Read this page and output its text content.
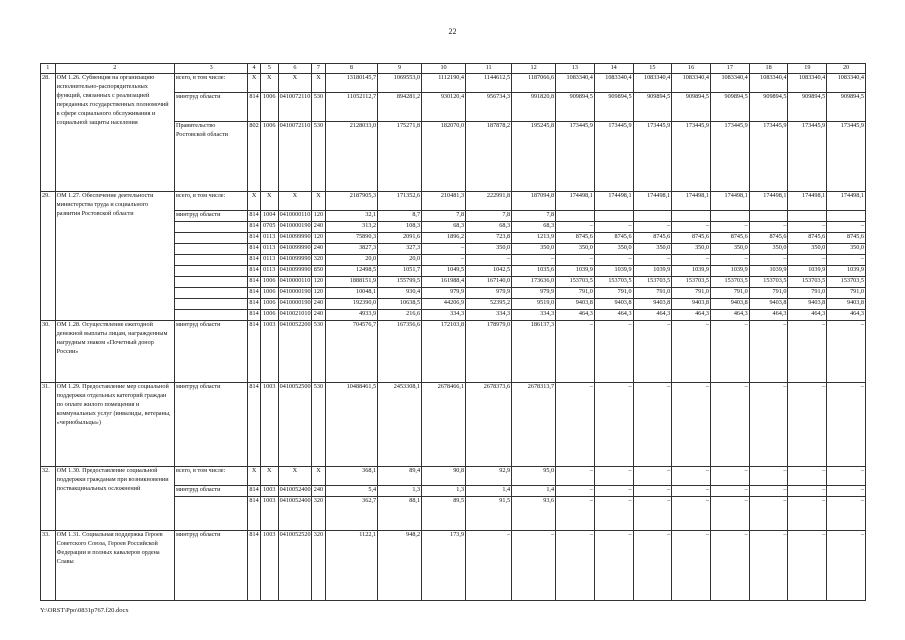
22
1	2	3	4	5	6	7	8	9	10	11	12	13	14	15	16	17	18	19	20
28.	ОМ 1.26. Субвенция на организацию исполнительно-распорядительных функций, связанных с реализацией переданных государственных полномочий в сфере социального обслуживания и социальной защиты населения	всего, в том числе:	X	X	X	X	13180145,7	1069553,0	1112190,4	1144612,5	1187066,6	1083340,4	1083340,4	1083340,4	1083340,4	1083340,4	1083340,4	1083340,4	1083340,4
		минтруд области	814	1006	0410072110	530	11052112,7	894281,2	930120,4	956734,3	991820,8	909894,5	909894,5	909894,5	909894,5	909894,5	909894,5	909894,5	909894,5
		Правительство Ростовской области	802	1006	0410072110	530	2128033,0	175271,8	182070,0	187878,2	195245,8	173445,9	173445,9	173445,9	173445,9	173445,9	173445,9	173445,9	173445,9
29.	ОМ 1.27. Обеспечение деятельности министерства труда и социального развития Ростовской области	всего, в том числе:	X	X	X	X	2187905,3	171352,6	210481,3	222991,8	187094,8	174498,1	174498,1	174498,1	174498,1	174498,1	174498,1	174498,1	174498,1
		минтруд области	814	1004	0410000110	120	32,1	8,7	7,8	7,8	7,8								
			814	0705	0410000190	240	313,2	108,3	68,3	68,3	68,3	–	–	–	–	–	–	–	–
			814	0113	0410099990	120	75890,3	2091,6	1896,2	723,8	1213,9	8745,6	8745,6	8745,6	8745,6	8745,6	8745,6	8745,6	8745,6
			814	0113	0410099990	240	3827,3	327,3	–	350,0	350,0	350,0	350,0	350,0	350,0	350,0	350,0	350,0	350,0
			814	0113	0410099990	320	20,0	20,0	–	–	–	–	–	–	–	–	–	–	–
			814	0113	0410099990	850	12498,5	1051,7	1049,5	1042,5	1035,6	1039,9	1039,9	1039,9	1039,9	1039,9	1039,9	1039,9	1039,9
			814	1006	0410000110	120	1888151,9	155799,5	161988,4	167140,0	173636,0	153703,5	153703,5	153703,5	153703,5	153703,5	153703,5	153703,5	153703,5
			814	1006	0410000190	120	10048,1	930,4	979,9	979,9	979,9	791,0	791,0	791,0	791,0	791,0	791,0	791,0	791,0
			814	1006	0410000190	240	192390,0	10638,5	44206,9	52395,2	9519,0	9403,8	9403,8	9403,8	9403,8	9403,8	9403,8	9403,8	9403,8
			814	1006	0410021010	240	4933,9	216,6	334,3	334,3	334,3	464,3	464,3	464,3	464,3	464,3	464,3	464,3	464,3
30.	ОМ 1.28. Осуществление ежегодной денежной выплаты лицам, награжденным нагрудным знаком «Почетный донор России»	минтруд области	814	1003	0410052200	530	704576,7	167356,6	172103,8	178979,0	186137,3	–	–	–	–	–	–	–	–
31.	ОМ 1.29. Предоставление мер социальной поддержки отдельных категорий граждан по оплате жилого помещения и коммунальных услуг (инвалиды, ветераны, «чернобыльцы»)	минтруд области	814	1003	0410052500	530	10488461,5	2453308,1	2678466,1	2678373,6	2678313,7	–	–	–	–	–	–	–	–
32.	ОМ 1.30. Предоставление социальной поддержки гражданам при возникновении поствакцинальных осложнений	всего, в том числе:	X	X	X	X	368,1	89,4	90,8	92,9	95,0	–	–	–	–	–	–	–	–
		минтруд области	814	1003	0410052400	240	5,4	1,3	1,3	1,4	1,4	–	–	–	–	–	–	–	–
			814	1003	0410052400	320	362,7	88,1	89,5	91,5	93,6	–	–	–	–	–	–	–	–
33.	ОМ 1.31. Социальная поддержка Героев Советского Союза, Героев Российской Федерации и полных кавалеров ордена Славы	минтруд области	814	1003	0410052520	320	1122,1	948,2	173,9	–	–	–	–	–	–	–	–	–	–
Y:\ORST\Ppo\0831p767.f20.docx
